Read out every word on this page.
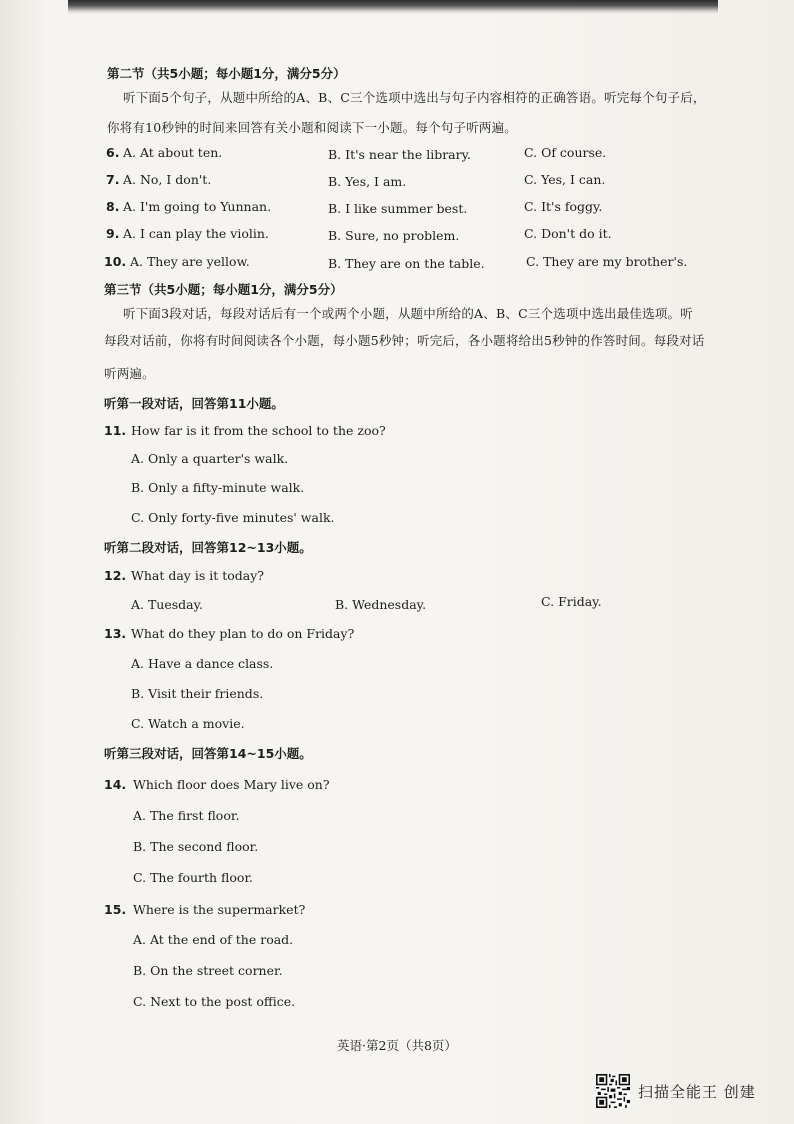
第二节（共5小题；每小题1分，满分5分）

听下面5个句子，从题中所给的A、B、C三个选项中选出与句子内容相符的正确答语。听完每个句子后，

你将有10秒钟的时间来回答有关小题和阅读下一小题。每个句子听两遍。

6. A. At about ten.	B. It's near the library.	C. Of course.

7. A. No, I don't.	B. Yes, I am.	C. Yes, I can.

8. A. I'm going to Yunnan.	B. I like summer best.	C. It's foggy.

9. A. I can play the violin.	B. Sure, no problem.	C. Don't do it.

10. A. They are yellow.	B. They are on the table.	C. They are my brother's.

第三节（共5小题；每小题1分，满分5分）

听下面3段对话，每段对话后有一个或两个小题，从题中所给的A、B、C三个选项中选出最佳选项。听

每段对话前，你将有时间阅读各个小题，每小题5秒钟；听完后，各小题将给出5秒钟的作答时间。每段对话

听两遍。

听第一段对话，回答第11小题。

11. How far is it from the school to the zoo?

A. Only a quarter's walk.

B. Only a fifty-minute walk.

C. Only forty-five minutes' walk.

听第二段对话，回答第12~13小题。

12. What day is it today?

A. Tuesday.	B. Wednesday.	C. Friday.

13. What do they plan to do on Friday?

A. Have a dance class.

B. Visit their friends.

C. Watch a movie.

听第三段对话，回答第14~15小题。

14. Which floor does Mary live on?

A. The first floor.

B. The second floor.

C. The fourth floor.

15. Where is the supermarket?

A. At the end of the road.

B. On the street corner.

C. Next to the post office.

英语·第2页（共8页）

扫描全能王 创建
